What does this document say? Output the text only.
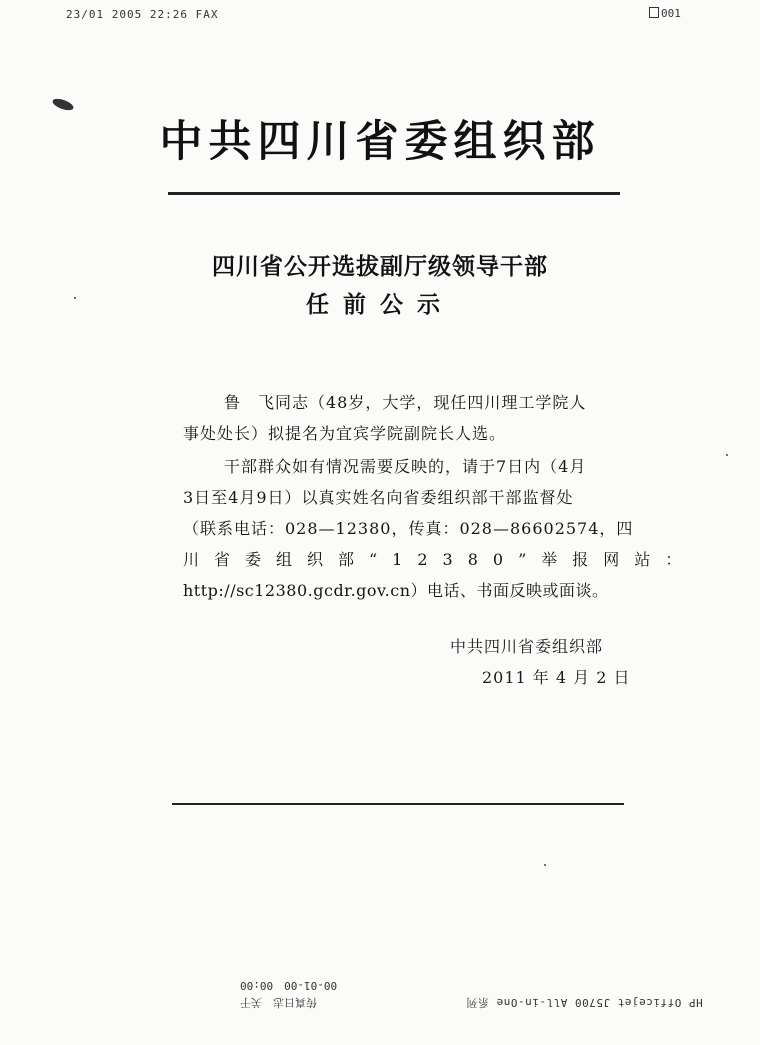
23/01 2005 22:26 FAX	001
中共四川省委组织部
四川省公开选拔副厅级领导干部
任前公示
鲁　飞同志（48岁，大学，现任四川理工学院人
事处处长）拟提名为宜宾学院副院长人选。
干部群众如有情况需要反映的，请于7日内（4月
3日至4月9日）以真实姓名向省委组织部干部监督处
（联系电话：028—12380，传真：028—86602574，四
川省委组织部“12380”举报网站：
http://sc12380.gcdr.gov.cn）电话、书面反映或面谈。
中共四川省委组织部
2011 年 4 月 2 日
00-01-00　00:00
传真日志　关于	HP Officejet J5700 All-in-One 系列
